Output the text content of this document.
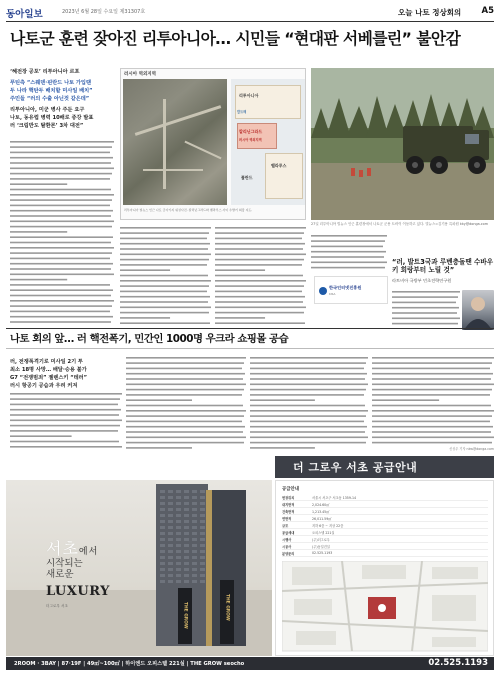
동아일보	2023년 6월 28일 수요일 제31307호	오늘 나토 정상회의 A5
나토군 훈련 잦아진 리투아니아… 시민들 “현대판 서베를린” 불안감
‘혜전장 공포’ 리투아니아 르포
푸틴측 “스웨덴·핀란드 나토 가입땐
두 나라 핵탄두 배치할 미사일 배치”
주민들 “러의 수출 아닌것 같은데”
리투아니아, 미군 병사 주둔 요구
나토, 동유럽 병력 10배로 증강 발표
러 ‘크림반도 탈환론’ 3차 대전”
러시아 역외지역
리투아니아
칼리닌그라드
러시아 역외지역
발트해
폴란드
벨라루스
리투아니아 빌뉴스 인근 나토 군사기지 위성사진. 칼리닌그라드와 벨라루스 사이 수발키 회랑 지도.
27일 리투아니아 빌뉴스 인근 훈련장에서 나토군 군용 트럭이 이동하고 있다. 빌뉴스=김기용 특파원 kky@donga.com
한국인터넷진흥원
KISA
“러, 발트3국과 루벤충돌땐 수바우키 회랑부터 노릴 것”
라트비아 국방부 민초전략연구원
나토 회의 앞… 러 핵전폭기, 민간인 1000명 우크라 쇼핑몰 공습
러, 전쟁폭격기로 미사일 2기 투
최소 18명 사망… 배달·승용 불가
G7 “전쟁범죄” 젤렌스키 “테러”
러시 항공기 공습과 우려 커져
신상우 기자 nkw@donga.com
더 그로우 서초 공급안내
THE GROW	THE GROW
서초에서
시작되는
새로운
LUXURY
더그로우 서초
공급안내
현장위치	서울시 서초구 서초동 1359-14
대지면적	2,024.60㎡
건축면적	1,213.45㎡
연면적	26,011.59㎡
규모	지하 6층 ~ 지상 22층
공급세대	오피스텔 221실
시행사	(주)더그로우
시공사	(주)동일건설
분양문의	02.525.1193
2ROOM · 3BAY | 87·19F | 49㎡~100㎡ | 하이엔드 오피스텔 221실 | THE GROW seocho	02.525.1193
